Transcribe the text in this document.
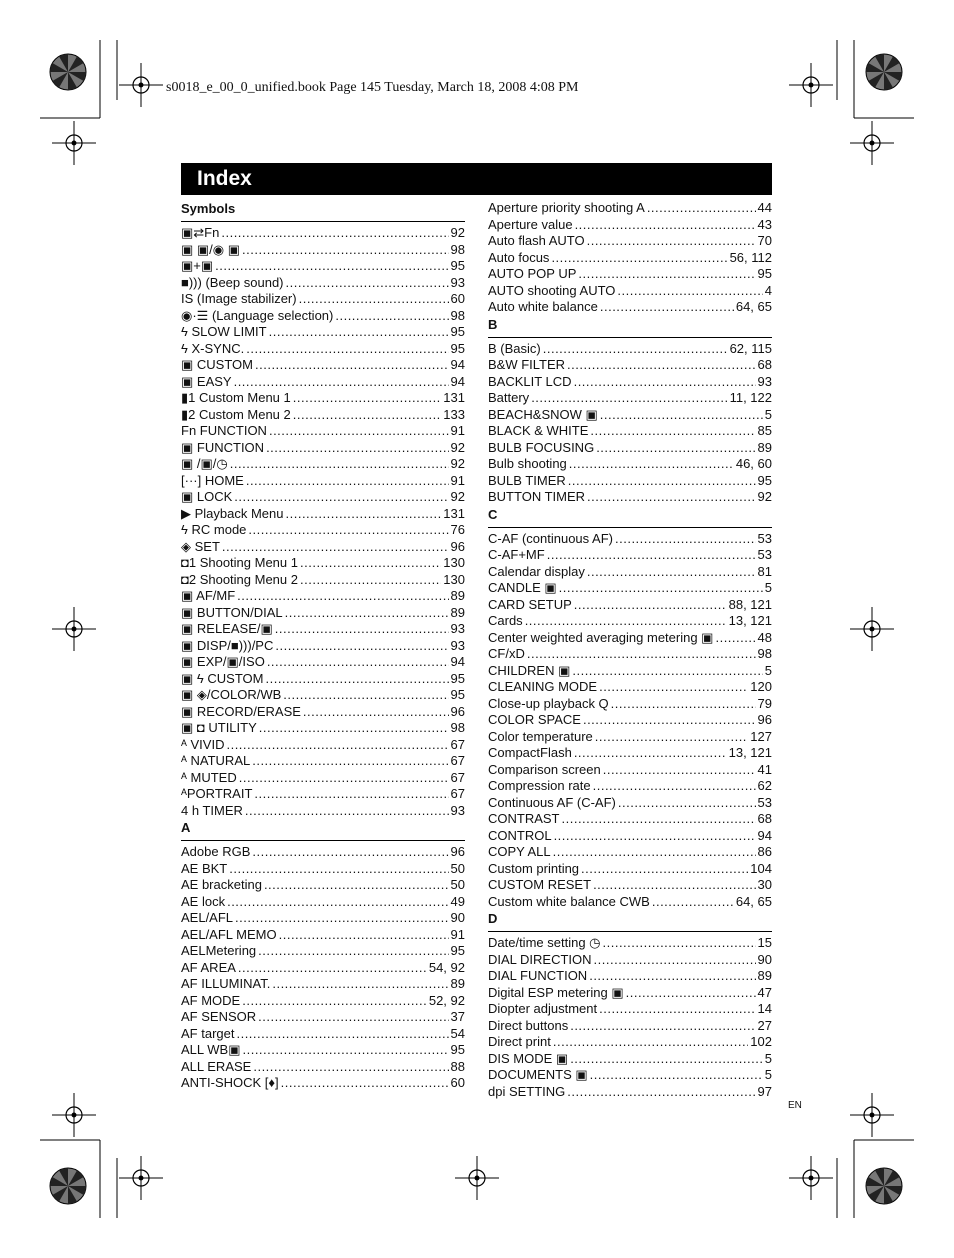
s0018_e_00_0_unified.book Page 145 Tuesday, March 18, 2008 4:08 PM
Index
Symbols
▣⇄Fn .....	92
▣ ▣/◉ ▣ .....	98
▣+▣ .....	95
■))) (Beep sound) .....	93
IS (Image stabilizer) .....	60
◉·☰ (Language selection) .....	98
ϟ SLOW LIMIT .....	95
ϟ X-SYNC. .....	95
▣ CUSTOM .....	94
▣ EASY .....	94
▮1 Custom Menu 1 .....	131
▮2 Custom Menu 2 .....	133
Fn FUNCTION .....	91
▣ FUNCTION .....	92
▣ /▣/◷ .....	92
[···] HOME .....	91
▣ LOCK .....	92
▶ Playback Menu .....	131
ϟ RC mode .....	76
◈ SET .....	96
◘1 Shooting Menu 1 .....	130
◘2 Shooting Menu 2 .....	130
▣ AF/MF .....	89
▣ BUTTON/DIAL .....	89
▣ RELEASE/▣ .....	93
▣ DISP/■)))/PC .....	93
▣ EXP/▣/ISO .....	94
▣ ϟ CUSTOM .....	95
▣ ◈/COLOR/WB .....	95
▣ RECORD/ERASE .....	96
▣ ◘ UTILITY .....	98
ᴬ VIVID .....	67
ᴬ NATURAL .....	67
ᴬ MUTED .....	67
ᴬPORTRAIT .....	67
4 h TIMER .....	93
A
Adobe RGB .....	96
AE BKT .....	50
AE bracketing .....	50
AE lock .....	49
AEL/AFL .....	90
AEL/AFL MEMO .....	91
AELMetering .....	95
AF AREA .....	54, 92
AF ILLUMINAT. .....	89
AF MODE .....	52, 92
AF SENSOR .....	37
AF target .....	54
ALL WB▣ .....	95
ALL ERASE .....	88
ANTI-SHOCK [♦] .....	60
Aperture priority shooting A .....	44
Aperture value .....	43
Auto flash AUTO .....	70
Auto focus .....	56, 112
AUTO POP UP .....	95
AUTO shooting AUTO .....	4
Auto white balance .....	64, 65
B
B (Basic) .....	62, 115
B&W FILTER .....	68
BACKLIT LCD .....	93
Battery .....	11, 122
BEACH&SNOW ▣ .....	5
BLACK & WHITE .....	85
BULB FOCUSING .....	89
Bulb shooting .....	46, 60
BULB TIMER .....	95
BUTTON TIMER .....	92
C
C-AF (continuous AF) .....	53
C-AF+MF .....	53
Calendar display .....	81
CANDLE ▣ .....	5
CARD SETUP .....	88, 121
Cards .....	13, 121
Center weighted averaging metering ▣ .....	48
CF/xD .....	98
CHILDREN ▣ .....	5
CLEANING MODE .....	120
Close-up playback Q .....	79
COLOR SPACE .....	96
Color temperature .....	127
CompactFlash .....	13, 121
Comparison screen .....	41
Compression rate .....	62
Continuous AF (C-AF) .....	53
CONTRAST .....	68
CONTROL .....	94
COPY ALL .....	86
Custom printing .....	104
CUSTOM RESET .....	30
Custom white balance CWB .....	64, 65
D
Date/time setting ◷ .....	15
DIAL DIRECTION .....	90
DIAL FUNCTION .....	89
Digital ESP metering ▣ .....	47
Diopter adjustment .....	14
Direct buttons .....	27
Direct print .....	102
DIS MODE ▣ .....	5
DOCUMENTS ▣ .....	5
dpi SETTING .....	97
EN
